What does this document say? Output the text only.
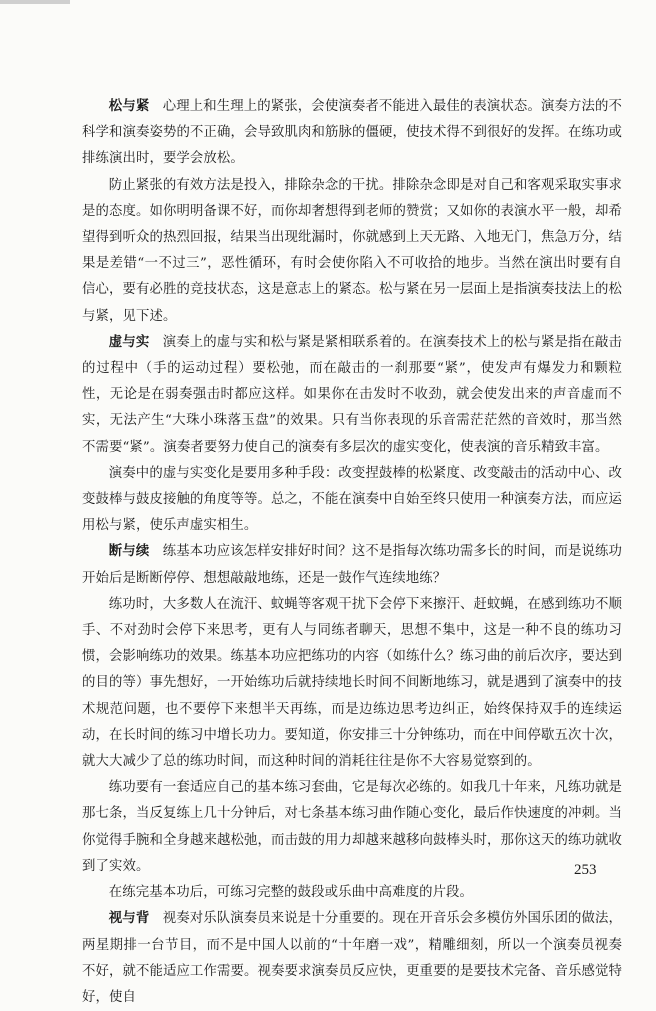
松与紧 心理上和生理上的紧张，会使演奏者不能进入最佳的表演状态。演奏方法的不科学和演奏姿势的不正确，会导致肌肉和筋脉的僵硬，使技术得不到很好的发挥。在练功或排练演出时，要学会放松。

防止紧张的有效方法是投入，排除杂念的干扰。排除杂念即是对自己和客观采取实事求是的态度。如你明明备课不好，而你却奢想得到老师的赞赏；又如你的表演水平一般，却希望得到听众的热烈回报，结果当出现纰漏时，你就感到上天无路、入地无门，焦急万分，结果是差错“一不过三”，恶性循环，有时会使你陷入不可收拾的地步。当然在演出时要有自信心，要有必胜的竞技状态，这是意志上的紧态。松与紧在另一层面上是指演奏技法上的松与紧，见下述。

虚与实 演奏上的虚与实和松与紧是紧相联系着的。在演奏技术上的松与紧是指在敲击的过程中（手的运动过程）要松弛，而在敲击的一刹那要“紧”，使发声有爆发力和颗粒性，无论是在弱奏强击时都应这样。如果你在击发时不收劲，就会使发出来的声音虚而不实，无法产生“大珠小珠落玉盘”的效果。只有当你表现的乐音需茫茫然的音效时，那当然不需要“紧”。演奏者要努力使自己的演奏有多层次的虚实变化，使表演的音乐精致丰富。

演奏中的虚与实变化是要用多种手段：改变捏鼓棒的松紧度、改变敲击的活动中心、改变鼓棒与鼓皮接触的角度等等。总之，不能在演奏中自始至终只使用一种演奏方法，而应运用松与紧，使乐声虚实相生。

断与续 练基本功应该怎样安排好时间？这不是指每次练功需多长的时间，而是说练功开始后是断断停停、想想敲敲地练，还是一鼓作气连续地练？

练功时，大多数人在流汗、蚊蝇等客观干扰下会停下来擦汗、赶蚊蝇，在感到练功不顺手、不对劲时会停下来思考，更有人与同练者聊天，思想不集中，这是一种不良的练功习惯，会影响练功的效果。练基本功应把练功的内容（如练什么？练习曲的前后次序，要达到的目的等）事先想好，一开始练功后就持续地长时间不间断地练习，就是遇到了演奏中的技术规范问题，也不要停下来想半天再练，而是边练边思考边纠正，始终保持双手的连续运动，在长时间的练习中增长功力。要知道，你安排三十分钟练功，而在中间停歇五次十次，就大大减少了总的练功时间，而这种时间的消耗往往是你不大容易觉察到的。

练功要有一套适应自己的基本练习套曲，它是每次必练的。如我几十年来，凡练功就是那七条，当反复练上几十分钟后，对七条基本练习曲作随心变化，最后作快速度的冲刺。当你觉得手腕和全身越来越松弛，而击鼓的用力却越来越移向鼓棒头时，那你这天的练功就收到了实效。

在练完基本功后，可练习完整的鼓段或乐曲中高难度的片段。

视与背 视奏对乐队演奏员来说是十分重要的。现在开音乐会多模仿外国乐团的做法，两星期排一台节目，而不是中国人以前的“十年磨一戏”，精雕细刻，所以一个演奏员视奏不好，就不能适应工作需要。视奏要求演奏员反应快，更重要的是要技术完备、音乐感觉特好，使自

253
